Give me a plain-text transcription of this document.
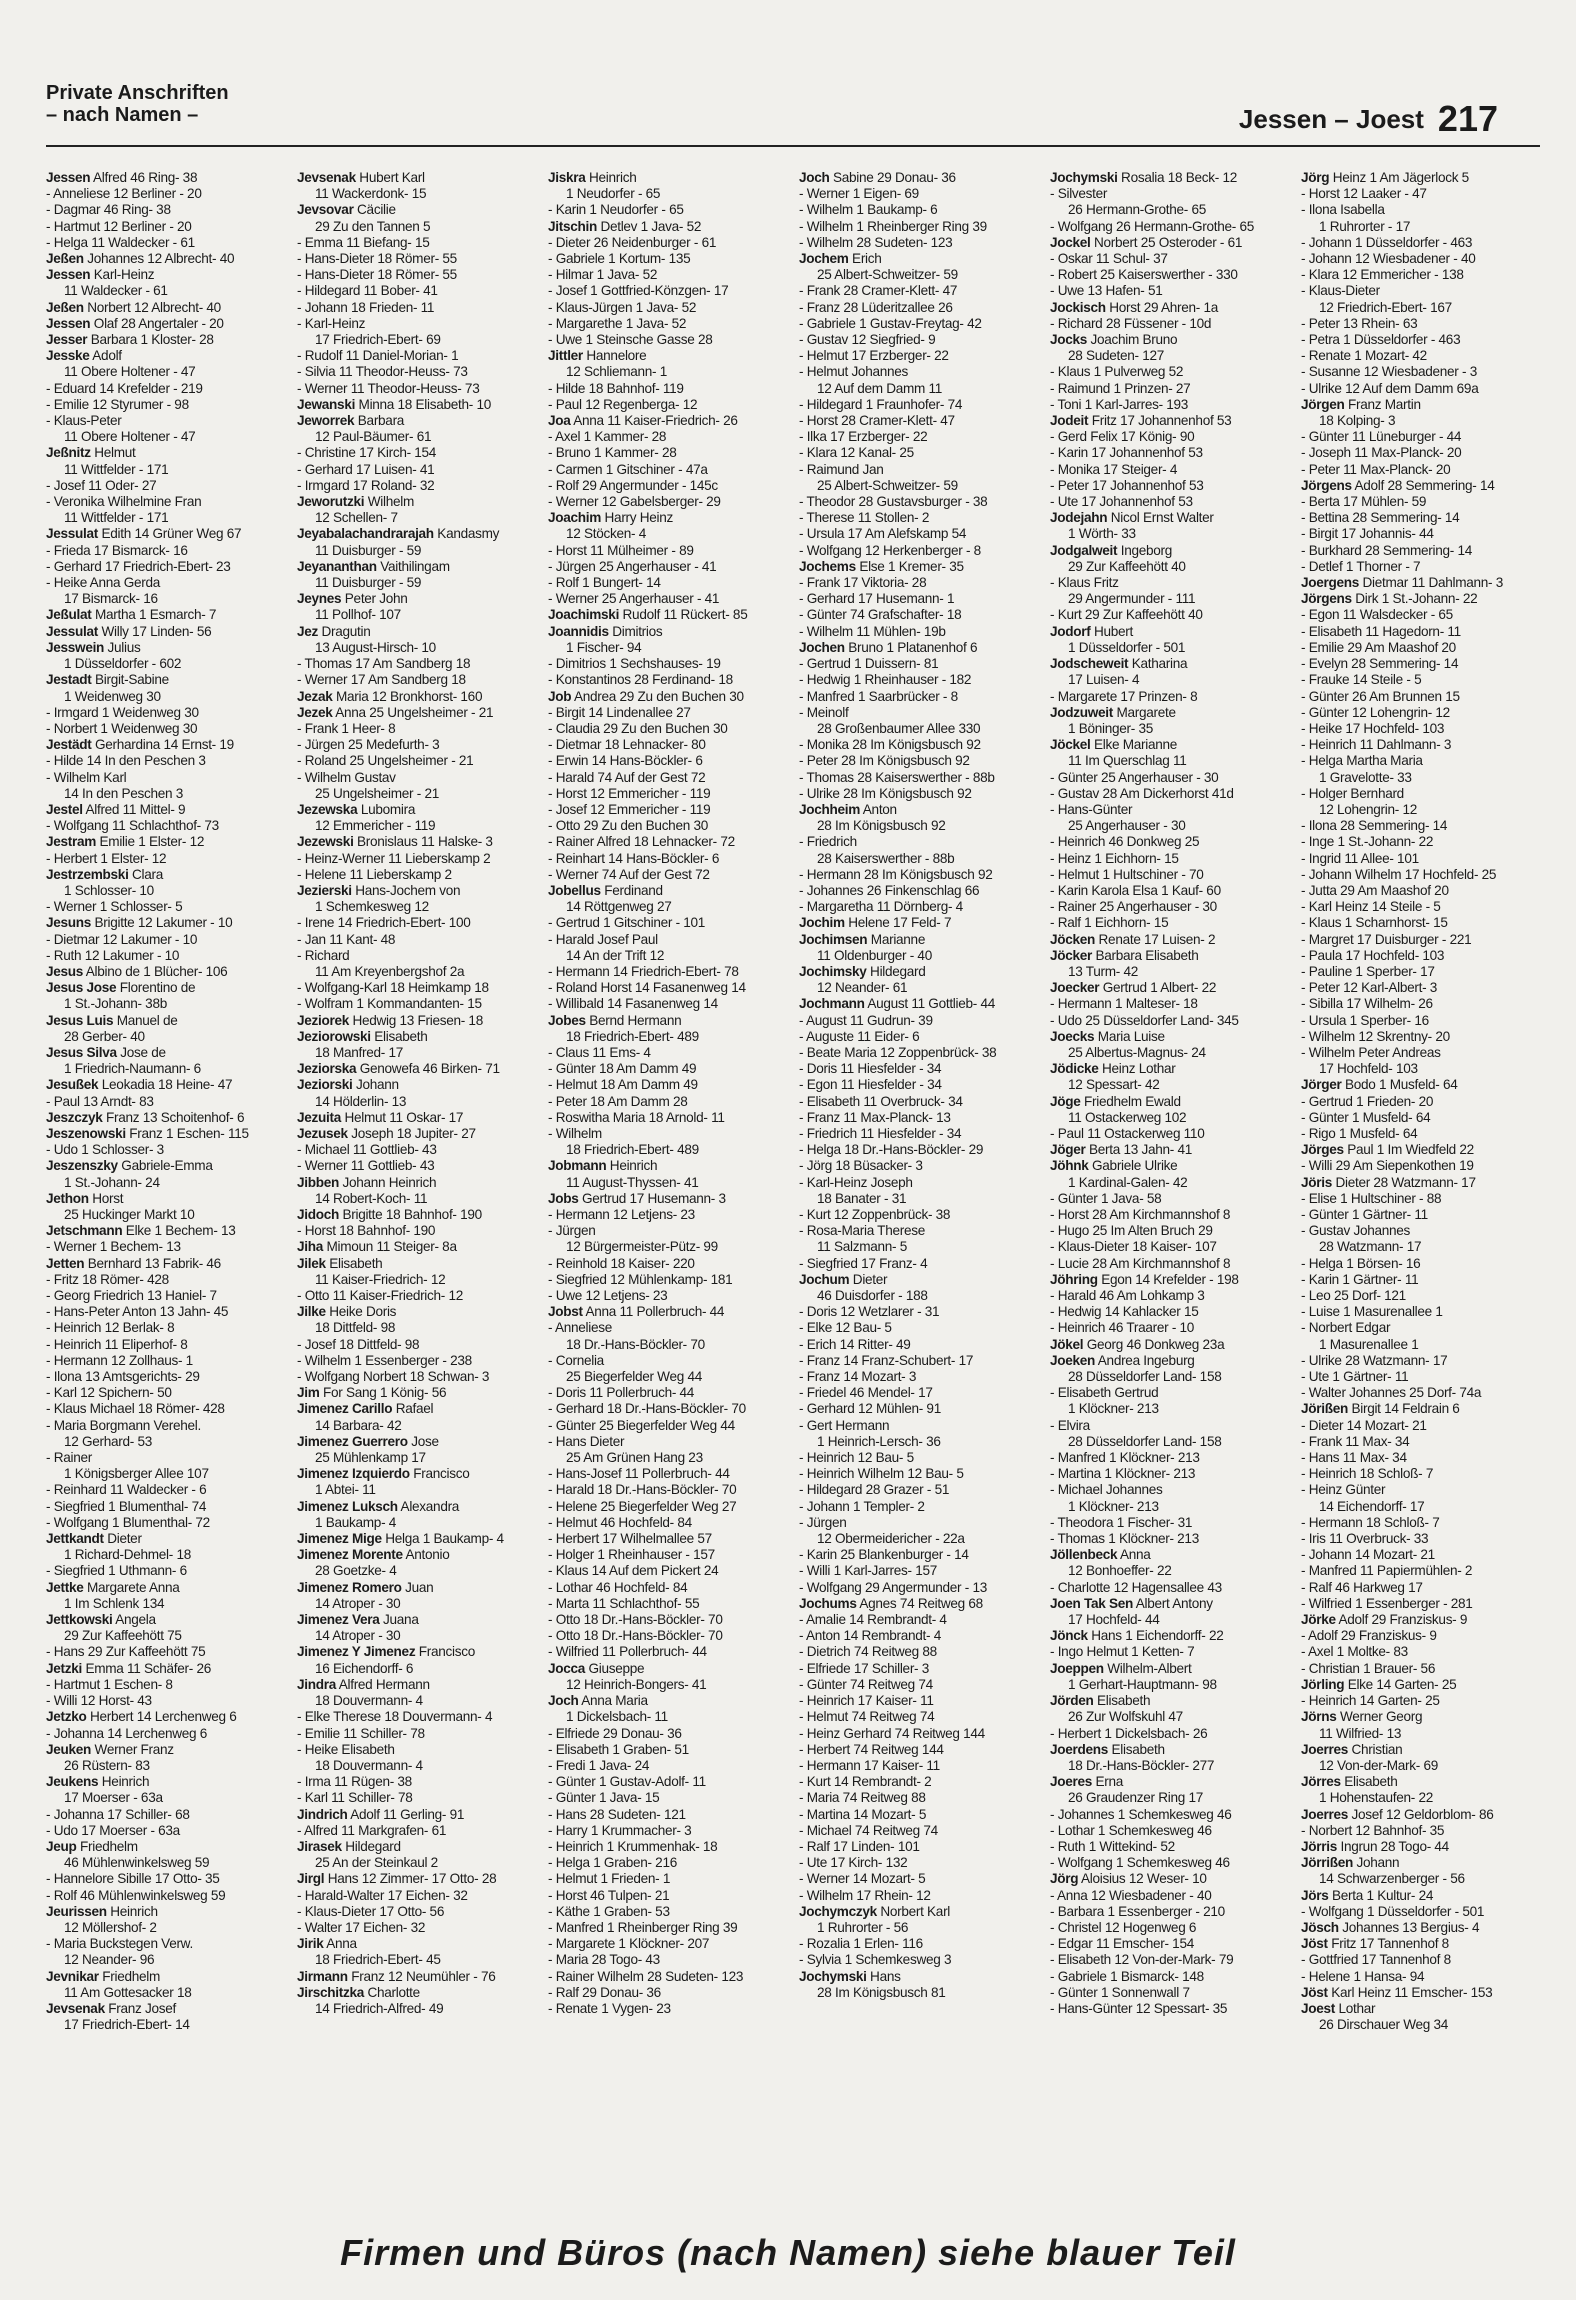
Private Anschriften
– nach Namen –	Jessen – Joest 217
Jessen Alfred 46 Ring- 38
- Anneliese 12 Berliner - 20
- Dagmar 46 Ring- 38
- Hartmut 12 Berliner - 20
- Helga 11 Waldecker - 61
Jeßen Johannes 12 Albrecht- 40
Jessen Karl-Heinz
11 Waldecker - 61
Jeßen Norbert 12 Albrecht- 40
Jessen Olaf 28 Angertaler - 20
Jesser Barbara 1 Kloster- 28
Jesske Adolf
11 Obere Holtener - 47
- Eduard 14 Krefelder - 219
- Emilie 12 Styrumer - 98
- Klaus-Peter
11 Obere Holtener - 47
Jeßnitz Helmut
11 Wittfelder - 171
- Josef 11 Oder- 27
- Veronika Wilhelmine Fran
11 Wittfelder - 171
Jessulat Edith 14 Grüner Weg 67
- Frieda 17 Bismarck- 16
- Gerhard 17 Friedrich-Ebert- 23
- Heike Anna Gerda
17 Bismarck- 16
Jeßulat Martha 1 Esmarch- 7
Jessulat Willy 17 Linden- 56
Jesswein Julius
1 Düsseldorfer - 602
Jestadt Birgit-Sabine
1 Weidenweg 30
- Irmgard 1 Weidenweg 30
- Norbert 1 Weidenweg 30
Jestädt Gerhardina 14 Ernst- 19
- Hilde 14 In den Peschen 3
- Wilhelm Karl
14 In den Peschen 3
Jestel Alfred 11 Mittel- 9
- Wolfgang 11 Schlachthof- 73
Jestram Emilie 1 Elster- 12
- Herbert 1 Elster- 12
Jestrzembski Clara
1 Schlosser- 10
- Werner 1 Schlosser- 5
Jesuns Brigitte 12 Lakumer - 10
- Dietmar 12 Lakumer - 10
- Ruth 12 Lakumer - 10
Jesus Albino de 1 Blücher- 106
Jesus Jose Florentino de
1 St.-Johann- 38b
Jesus Luis Manuel de
28 Gerber- 40
Jesus Silva Jose de
1 Friedrich-Naumann- 6
Jesußek Leokadia 18 Heine- 47
- Paul 13 Arndt- 83
Jeszczyk Franz 13 Schoitenhof- 6
Jeszenowski Franz 1 Eschen- 115
- Udo 1 Schlosser- 3
Jeszenszky Gabriele-Emma
1 St.-Johann- 24
Jethon Horst
25 Huckinger Markt 10
Jetschmann Elke 1 Bechem- 13
- Werner 1 Bechem- 13
Jetten Bernhard 13 Fabrik- 46
- Fritz 18 Römer- 428
- Georg Friedrich 13 Haniel- 7
- Hans-Peter Anton 13 Jahn- 45
- Heinrich 12 Berlak- 8
- Heinrich 11 Eliperhof- 8
- Hermann 12 Zollhaus- 1
- Ilona 13 Amtsgerichts- 29
- Karl 12 Spichern- 50
- Klaus Michael 18 Römer- 428
- Maria Borgmann Verehel.
12 Gerhard- 53
- Rainer
1 Königsberger Allee 107
- Reinhard 11 Waldecker - 6
- Siegfried 1 Blumenthal- 74
- Wolfgang 1 Blumenthal- 72
Jettkandt Dieter
1 Richard-Dehmel- 18
- Siegfried 1 Uthmann- 6
Jettke Margarete Anna
1 Im Schlenk 134
Jettkowski Angela
29 Zur Kaffeehött 75
- Hans 29 Zur Kaffeehött 75
Jetzki Emma 11 Schäfer- 26
- Hartmut 1 Eschen- 8
- Willi 12 Horst- 43
Jetzko Herbert 14 Lerchenweg 6
- Johanna 14 Lerchenweg 6
Jeuken Werner Franz
26 Rüstern- 83
Jeukens Heinrich
17 Moerser - 63a
- Johanna 17 Schiller- 68
- Udo 17 Moerser - 63a
Jeup Friedhelm
46 Mühlenwinkelsweg 59
- Hannelore Sibille 17 Otto- 35
- Rolf 46 Mühlenwinkelsweg 59
Jeurissen Heinrich
12 Möllershof- 2
- Maria Buckstegen Verw.
12 Neander- 96
Jevnikar Friedhelm
11 Am Gottesacker 18
Jevsenak Franz Josef
17 Friedrich-Ebert- 14
Jevsenak Hubert Karl
11 Wackerdonk- 15
Jevsovar Cäcilie
29 Zu den Tannen 5
- Emma 11 Biefang- 15
- Hans-Dieter 18 Römer- 55
- Hans-Dieter 18 Römer- 55
- Hildegard 11 Bober- 41
- Johann 18 Frieden- 11
- Karl-Heinz
17 Friedrich-Ebert- 69
- Rudolf 11 Daniel-Morian- 1
- Silvia 11 Theodor-Heuss- 73
- Werner 11 Theodor-Heuss- 73
Jewanski Minna 18 Elisabeth- 10
Jeworrek Barbara
12 Paul-Bäumer- 61
- Christine 17 Kirch- 154
- Gerhard 17 Luisen- 41
- Irmgard 17 Roland- 32
Jeworutzki Wilhelm
12 Schellen- 7
Jeyabalachandrarajah Kandasmy
11 Duisburger - 59
Jeyananthan Vaithilingam
11 Duisburger - 59
Jeynes Peter John
11 Pollhof- 107
Jez Dragutin
13 August-Hirsch- 10
- Thomas 17 Am Sandberg 18
- Werner 17 Am Sandberg 18
Jezak Maria 12 Bronkhorst- 160
Jezek Anna 25 Ungelsheimer - 21
- Frank 1 Heer- 8
- Jürgen 25 Medefurth- 3
- Roland 25 Ungelsheimer - 21
- Wilhelm Gustav
25 Ungelsheimer - 21
Jezewska Lubomira
12 Emmericher - 119
Jezewski Bronislaus 11 Halske- 3
- Heinz-Werner 11 Lieberskamp 2
- Helene 11 Lieberskamp 2
Jezierski Hans-Jochem von
1 Schemkesweg 12
- Irene 14 Friedrich-Ebert- 100
- Jan 11 Kant- 48
- Richard
11 Am Kreyenbergshof 2a
- Wolfgang-Karl 18 Heimkamp 18
- Wolfram 1 Kommandanten- 15
Jeziorek Hedwig 13 Friesen- 18
Jeziorowski Elisabeth
18 Manfred- 17
Jeziorska Genowefa 46 Birken- 71
Jeziorski Johann
14 Hölderlin- 13
Jezuita Helmut 11 Oskar- 17
Jezusek Joseph 18 Jupiter- 27
- Michael 11 Gottlieb- 43
- Werner 11 Gottlieb- 43
Jibben Johann Heinrich
14 Robert-Koch- 11
Jidoch Brigitte 18 Bahnhof- 190
- Horst 18 Bahnhof- 190
Jiha Mimoun 11 Steiger- 8a
Jilek Elisabeth
11 Kaiser-Friedrich- 12
- Otto 11 Kaiser-Friedrich- 12
Jilke Heike Doris
18 Dittfeld- 98
- Josef 18 Dittfeld- 98
- Wilhelm 1 Essenberger - 238
- Wolfgang Norbert 18 Schwan- 3
Jim For Sang 1 König- 56
Jimenez Carillo Rafael
14 Barbara- 42
Jimenez Guerrero Jose
25 Mühlenkamp 17
Jimenez Izquierdo Francisco
1 Abtei- 11
Jimenez Luksch Alexandra
1 Baukamp- 4
Jimenez Mige Helga 1 Baukamp- 4
Jimenez Morente Antonio
28 Goetzke- 4
Jimenez Romero Juan
14 Atroper - 30
Jimenez Vera Juana
14 Atroper - 30
Jimenez Y Jimenez Francisco
16 Eichendorff- 6
Jindra Alfred Hermann
18 Douvermann- 4
- Elke Therese 18 Douvermann- 4
- Emilie 11 Schiller- 78
- Heike Elisabeth
18 Douvermann- 4
- Irma 11 Rügen- 38
- Karl 11 Schiller- 78
Jindrich Adolf 11 Gerling- 91
- Alfred 11 Markgrafen- 61
Jirasek Hildegard
25 An der Steinkaul 2
Jirgl Hans 12 Zimmer- 17 Otto- 28
- Harald-Walter 17 Eichen- 32
- Klaus-Dieter 17 Otto- 56
- Walter 17 Eichen- 32
Jirik Anna
18 Friedrich-Ebert- 45
Jirmann Franz 12 Neumühler - 76
Jirschitzka Charlotte
14 Friedrich-Alfred- 49
Jiskra Heinrich
1 Neudorfer - 65
- Karin 1 Neudorfer - 65
Jitschin Detlev 1 Java- 52
- Dieter 26 Neidenburger - 61
- Gabriele 1 Kortum- 135
- Hilmar 1 Java- 52
- Josef 1 Gottfried-Könzgen- 17
- Klaus-Jürgen 1 Java- 52
- Margarethe 1 Java- 52
- Uwe 1 Steinsche Gasse 28
Jittler Hannelore
12 Schliemann- 1
- Hilde 18 Bahnhof- 119
- Paul 12 Regenberga- 12
Joa Anna 11 Kaiser-Friedrich- 26
- Axel 1 Kammer- 28
- Bruno 1 Kammer- 28
- Carmen 1 Gitschiner - 47a
- Rolf 29 Angermunder - 145c
- Werner 12 Gabelsberger- 29
Joachim Harry Heinz
12 Stöcken- 4
- Horst 11 Mülheimer - 89
- Jürgen 25 Angerhauser - 41
- Rolf 1 Bungert- 14
- Werner 25 Angerhauser - 41
Joachimski Rudolf 11 Rückert- 85
Joannidis Dimitrios
1 Fischer- 94
- Dimitrios 1 Sechshauses- 19
- Konstantinos 28 Ferdinand- 18
Job Andrea 29 Zu den Buchen 30
- Birgit 14 Lindenallee 27
- Claudia 29 Zu den Buchen 30
- Dietmar 18 Lehnacker- 80
- Erwin 14 Hans-Böckler- 6
- Harald 74 Auf der Gest 72
- Horst 12 Emmericher - 119
- Josef 12 Emmericher - 119
- Otto 29 Zu den Buchen 30
- Rainer Alfred 18 Lehnacker- 72
- Reinhart 14 Hans-Böckler- 6
- Werner 74 Auf der Gest 72
Jobellus Ferdinand
14 Röttgenweg 27
- Gertrud 1 Gitschiner - 101
- Harald Josef Paul
14 An der Trift 12
- Hermann 14 Friedrich-Ebert- 78
- Roland Horst 14 Fasanenweg 14
- Willibald 14 Fasanenweg 14
Jobes Bernd Hermann
18 Friedrich-Ebert- 489
- Claus 11 Ems- 4
- Günter 18 Am Damm 49
- Helmut 18 Am Damm 49
- Peter 18 Am Damm 28
- Roswitha Maria 18 Arnold- 11
- Wilhelm
18 Friedrich-Ebert- 489
Jobmann Heinrich
11 August-Thyssen- 41
Jobs Gertrud 17 Husemann- 3
- Hermann 12 Letjens- 23
- Jürgen
12 Bürgermeister-Pütz- 99
- Reinhold 18 Kaiser- 220
- Siegfried 12 Mühlenkamp- 181
- Uwe 12 Letjens- 23
Jobst Anna 11 Pollerbruch- 44
- Anneliese
18 Dr.-Hans-Böckler- 70
- Cornelia
25 Biegerfelder Weg 44
- Doris 11 Pollerbruch- 44
- Gerhard 18 Dr.-Hans-Böckler- 70
- Günter 25 Biegerfelder Weg 44
- Hans Dieter
25 Am Grünen Hang 23
- Hans-Josef 11 Pollerbruch- 44
- Harald 18 Dr.-Hans-Böckler- 70
- Helene 25 Biegerfelder Weg 27
- Helmut 46 Hochfeld- 84
- Herbert 17 Wilhelmallee 57
- Holger 1 Rheinhauser - 157
- Klaus 14 Auf dem Pickert 24
- Lothar 46 Hochfeld- 84
- Marta 11 Schlachthof- 55
- Otto 18 Dr.-Hans-Böckler- 70
- Otto 18 Dr.-Hans-Böckler- 70
- Wilfried 11 Pollerbruch- 44
Jocca Giuseppe
12 Heinrich-Bongers- 41
Joch Anna Maria
1 Dickelsbach- 11
- Elfriede 29 Donau- 36
- Elisabeth 1 Graben- 51
- Fredi 1 Java- 24
- Günter 1 Gustav-Adolf- 11
- Günter 1 Java- 15
- Hans 28 Sudeten- 121
- Harry 1 Krummacher- 3
- Heinrich 1 Krummenhak- 18
- Helga 1 Graben- 216
- Helmut 1 Frieden- 1
- Horst 46 Tulpen- 21
- Käthe 1 Graben- 53
- Manfred 1 Rheinberger Ring 39
- Margarete 1 Klöckner- 207
- Maria 28 Togo- 43
- Rainer Wilhelm 28 Sudeten- 123
- Ralf 29 Donau- 36
- Renate 1 Vygen- 23
Joch Sabine 29 Donau- 36
- Werner 1 Eigen- 69
- Wilhelm 1 Baukamp- 6
- Wilhelm 1 Rheinberger Ring 39
- Wilhelm 28 Sudeten- 123
Jochem Erich
25 Albert-Schweitzer- 59
- Frank 28 Cramer-Klett- 47
- Franz 28 Lüderitzallee 26
- Gabriele 1 Gustav-Freytag- 42
- Gustav 12 Siegfried- 9
- Helmut 17 Erzberger- 22
- Helmut Johannes
12 Auf dem Damm 11
- Hildegard 1 Fraunhofer- 74
- Horst 28 Cramer-Klett- 47
- Ilka 17 Erzberger- 22
- Klara 12 Kanal- 25
- Raimund Jan
25 Albert-Schweitzer- 59
- Theodor 28 Gustavsburger - 38
- Therese 11 Stollen- 2
- Ursula 17 Am Alefskamp 54
- Wolfgang 12 Herkenberger - 8
Jochems Else 1 Kremer- 35
- Frank 17 Viktoria- 28
- Gerhard 17 Husemann- 1
- Günter 74 Grafschafter- 18
- Wilhelm 11 Mühlen- 19b
Jochen Bruno 1 Platanenhof 6
- Gertrud 1 Duissern- 81
- Hedwig 1 Rheinhauser - 182
- Manfred 1 Saarbrücker - 8
- Meinolf
28 Großenbaumer Allee 330
- Monika 28 Im Königsbusch 92
- Peter 28 Im Königsbusch 92
- Thomas 28 Kaiserswerther - 88b
- Ulrike 28 Im Königsbusch 92
Jochheim Anton
28 Im Königsbusch 92
- Friedrich
28 Kaiserswerther - 88b
- Hermann 28 Im Königsbusch 92
- Johannes 26 Finkenschlag 66
- Margaretha 11 Dörnberg- 4
Jochim Helene 17 Feld- 7
Jochimsen Marianne
11 Oldenburger - 40
Jochimsky Hildegard
12 Neander- 61
Jochmann August 11 Gottlieb- 44
- August 11 Gudrun- 39
- Auguste 11 Eider- 6
- Beate Maria 12 Zoppenbrück- 38
- Doris 11 Hiesfelder - 34
- Egon 11 Hiesfelder - 34
- Elisabeth 11 Overbruck- 34
- Franz 11 Max-Planck- 13
- Friedrich 11 Hiesfelder - 34
- Helga 18 Dr.-Hans-Böckler- 29
- Jörg 18 Büsacker- 3
- Karl-Heinz Joseph
18 Banater - 31
- Kurt 12 Zoppenbrück- 38
- Rosa-Maria Therese
11 Salzmann- 5
- Siegfried 17 Franz- 4
Jochum Dieter
46 Duisdorfer - 188
- Doris 12 Wetzlarer - 31
- Elke 12 Bau- 5
- Erich 14 Ritter- 49
- Franz 14 Franz-Schubert- 17
- Franz 14 Mozart- 3
- Friedel 46 Mendel- 17
- Gerhard 12 Mühlen- 91
- Gert Hermann
1 Heinrich-Lersch- 36
- Heinrich 12 Bau- 5
- Heinrich Wilhelm 12 Bau- 5
- Hildegard 28 Grazer - 51
- Johann 1 Templer- 2
- Jürgen
12 Obermeidericher - 22a
- Karin 25 Blankenburger - 14
- Willi 1 Karl-Jarres- 157
- Wolfgang 29 Angermunder - 13
Jochums Agnes 74 Reitweg 68
- Amalie 14 Rembrandt- 4
- Anton 14 Rembrandt- 4
- Dietrich 74 Reitweg 88
- Elfriede 17 Schiller- 3
- Günter 74 Reitweg 74
- Heinrich 17 Kaiser- 11
- Helmut 74 Reitweg 74
- Heinz Gerhard 74 Reitweg 144
- Herbert 74 Reitweg 144
- Hermann 17 Kaiser- 11
- Kurt 14 Rembrandt- 2
- Maria 74 Reitweg 88
- Martina 14 Mozart- 5
- Michael 74 Reitweg 74
- Ralf 17 Linden- 101
- Ute 17 Kirch- 132
- Werner 14 Mozart- 5
- Wilhelm 17 Rhein- 12
Jochymczyk Norbert Karl
1 Ruhrorter - 56
- Rozalia 1 Erlen- 116
- Sylvia 1 Schemkesweg 3
Jochymski Hans
28 Im Königsbusch 81
Jochymski Rosalia 18 Beck- 12
- Silvester
26 Hermann-Grothe- 65
- Wolfgang 26 Hermann-Grothe- 65
Jockel Norbert 25 Osteroder - 61
- Oskar 11 Schul- 37
- Robert 25 Kaiserswerther - 330
- Uwe 13 Hafen- 51
Jockisch Horst 29 Ahren- 1a
- Richard 28 Füssener - 10d
Jocks Joachim Bruno
28 Sudeten- 127
- Klaus 1 Pulverweg 52
- Raimund 1 Prinzen- 27
- Toni 1 Karl-Jarres- 193
Jodeit Fritz 17 Johannenhof 53
- Gerd Felix 17 König- 90
- Karin 17 Johannenhof 53
- Monika 17 Steiger- 4
- Peter 17 Johannenhof 53
- Ute 17 Johannenhof 53
Jodejahn Nicol Ernst Walter
1 Wörth- 33
Jodgalweit Ingeborg
29 Zur Kaffeehött 40
- Klaus Fritz
29 Angermunder - 111
- Kurt 29 Zur Kaffeehött 40
Jodorf Hubert
1 Düsseldorfer - 501
Jodscheweit Katharina
17 Luisen- 4
- Margarete 17 Prinzen- 8
Jodzuweit Margarete
1 Böninger- 35
Jöckel Elke Marianne
11 Im Querschlag 11
- Günter 25 Angerhauser - 30
- Gustav 28 Am Dickerhorst 41d
- Hans-Günter
25 Angerhauser - 30
- Heinrich 46 Donkweg 25
- Heinz 1 Eichhorn- 15
- Helmut 1 Hultschiner - 70
- Karin Karola Elsa 1 Kauf- 60
- Rainer 25 Angerhauser - 30
- Ralf 1 Eichhorn- 15
Jöcken Renate 17 Luisen- 2
Jöcker Barbara Elisabeth
13 Turm- 42
Joecker Gertrud 1 Albert- 22
- Hermann 1 Malteser- 18
- Udo 25 Düsseldorfer Land- 345
Joecks Maria Luise
25 Albertus-Magnus- 24
Jödicke Heinz Lothar
12 Spessart- 42
Jöge Friedhelm Ewald
11 Ostackerweg 102
- Paul 11 Ostackerweg 110
Jöger Berta 13 Jahn- 41
Jöhnk Gabriele Ulrike
1 Kardinal-Galen- 42
- Günter 1 Java- 58
- Horst 28 Am Kirchmannshof 8
- Hugo 25 Im Alten Bruch 29
- Klaus-Dieter 18 Kaiser- 107
- Lucie 28 Am Kirchmannshof 8
Jöhring Egon 14 Krefelder - 198
- Harald 46 Am Lohkamp 3
- Hedwig 14 Kahlacker 15
- Heinrich 46 Traarer - 10
Jökel Georg 46 Donkweg 23a
Joeken Andrea Ingeburg
28 Düsseldorfer Land- 158
- Elisabeth Gertrud
1 Klöckner- 213
- Elvira
28 Düsseldorfer Land- 158
- Manfred 1 Klöckner- 213
- Martina 1 Klöckner- 213
- Michael Johannes
1 Klöckner- 213
- Theodora 1 Fischer- 31
- Thomas 1 Klöckner- 213
Jöllenbeck Anna
12 Bonhoeffer- 22
- Charlotte 12 Hagensallee 43
Joen Tak Sen Albert Antony
17 Hochfeld- 44
Jönck Hans 1 Eichendorff- 22
- Ingo Helmut 1 Ketten- 7
Joeppen Wilhelm-Albert
1 Gerhart-Hauptmann- 98
Jörden Elisabeth
26 Zur Wolfskuhl 47
- Herbert 1 Dickelsbach- 26
Joerdens Elisabeth
18 Dr.-Hans-Böckler- 277
Joeres Erna
26 Graudenzer Ring 17
- Johannes 1 Schemkesweg 46
- Lothar 1 Schemkesweg 46
- Ruth 1 Wittekind- 52
- Wolfgang 1 Schemkesweg 46
Jörg Aloisius 12 Weser- 10
- Anna 12 Wiesbadener - 40
- Barbara 1 Essenberger - 210
- Christel 12 Hogenweg 6
- Edgar 11 Emscher- 154
- Elisabeth 12 Von-der-Mark- 79
- Gabriele 1 Bismarck- 148
- Günter 1 Sonnenwall 7
- Hans-Günter 12 Spessart- 35
Jörg Heinz 1 Am Jägerlock 5
- Horst 12 Laaker - 47
- Ilona Isabella
1 Ruhrorter - 17
- Johann 1 Düsseldorfer - 463
- Johann 12 Wiesbadener - 40
- Klara 12 Emmericher - 138
- Klaus-Dieter
12 Friedrich-Ebert- 167
- Peter 13 Rhein- 63
- Petra 1 Düsseldorfer - 463
- Renate 1 Mozart- 42
- Susanne 12 Wiesbadener - 3
- Ulrike 12 Auf dem Damm 69a
Jörgen Franz Martin
18 Kolping- 3
- Günter 11 Lüneburger - 44
- Joseph 11 Max-Planck- 20
- Peter 11 Max-Planck- 20
Jörgens Adolf 28 Semmering- 14
- Berta 17 Mühlen- 59
- Bettina 28 Semmering- 14
- Birgit 17 Johannis- 44
- Burkhard 28 Semmering- 14
- Detlef 1 Thorner - 7
Joergens Dietmar 11 Dahlmann- 3
Jörgens Dirk 1 St.-Johann- 22
- Egon 11 Walsdecker - 65
- Elisabeth 11 Hagedorn- 11
- Emilie 29 Am Maashof 20
- Evelyn 28 Semmering- 14
- Frauke 14 Steile - 5
- Günter 26 Am Brunnen 15
- Günter 12 Lohengrin- 12
- Heike 17 Hochfeld- 103
- Heinrich 11 Dahlmann- 3
- Helga Martha Maria
1 Gravelotte- 33
- Holger Bernhard
12 Lohengrin- 12
- Ilona 28 Semmering- 14
- Inge 1 St.-Johann- 22
- Ingrid 11 Allee- 101
- Johann Wilhelm 17 Hochfeld- 25
- Jutta 29 Am Maashof 20
- Karl Heinz 14 Steile - 5
- Klaus 1 Scharnhorst- 15
- Margret 17 Duisburger - 221
- Paula 17 Hochfeld- 103
- Pauline 1 Sperber- 17
- Peter 12 Karl-Albert- 3
- Sibilla 17 Wilhelm- 26
- Ursula 1 Sperber- 16
- Wilhelm 12 Skrentny- 20
- Wilhelm Peter Andreas
17 Hochfeld- 103
Jörger Bodo 1 Musfeld- 64
- Gertrud 1 Frieden- 20
- Günter 1 Musfeld- 64
- Rigo 1 Musfeld- 64
Jörges Paul 1 Im Wiedfeld 22
- Willi 29 Am Siepenkothen 19
Jöris Dieter 28 Watzmann- 17
- Elise 1 Hultschiner - 88
- Günter 1 Gärtner- 11
- Gustav Johannes
28 Watzmann- 17
- Helga 1 Börsen- 16
- Karin 1 Gärtner- 11
- Leo 25 Dorf- 121
- Luise 1 Masurenallee 1
- Norbert Edgar
1 Masurenallee 1
- Ulrike 28 Watzmann- 17
- Ute 1 Gärtner- 11
- Walter Johannes 25 Dorf- 74a
Jörißen Birgit 14 Feldrain 6
- Dieter 14 Mozart- 21
- Frank 11 Max- 34
- Hans 11 Max- 34
- Heinrich 18 Schloß- 7
- Heinz Günter
14 Eichendorff- 17
- Hermann 18 Schloß- 7
- Iris 11 Overbruck- 33
- Johann 14 Mozart- 21
- Manfred 11 Papiermühlen- 2
- Ralf 46 Harkweg 17
- Wilfried 1 Essenberger - 281
Jörke Adolf 29 Franziskus- 9
- Adolf 29 Franziskus- 9
- Axel 1 Moltke- 83
- Christian 1 Brauer- 56
Jörling Elke 14 Garten- 25
- Heinrich 14 Garten- 25
Jörns Werner Georg
11 Wilfried- 13
Joerres Christian
12 Von-der-Mark- 69
Jörres Elisabeth
1 Hohenstaufen- 22
Joerres Josef 12 Geldorblom- 86
- Norbert 12 Bahnhof- 35
Jörris Ingrun 28 Togo- 44
Jörrißen Johann
14 Schwarzenberger - 56
Jörs Berta 1 Kultur- 24
- Wolfgang 1 Düsseldorfer - 501
Jösch Johannes 13 Bergius- 4
Jöst Fritz 17 Tannenhof 8
- Gottfried 17 Tannenhof 8
- Helene 1 Hansa- 94
Jöst Karl Heinz 11 Emscher- 153
Joest Lothar
26 Dirschauer Weg 34
Firmen und Büros (nach Namen) siehe blauer Teil
